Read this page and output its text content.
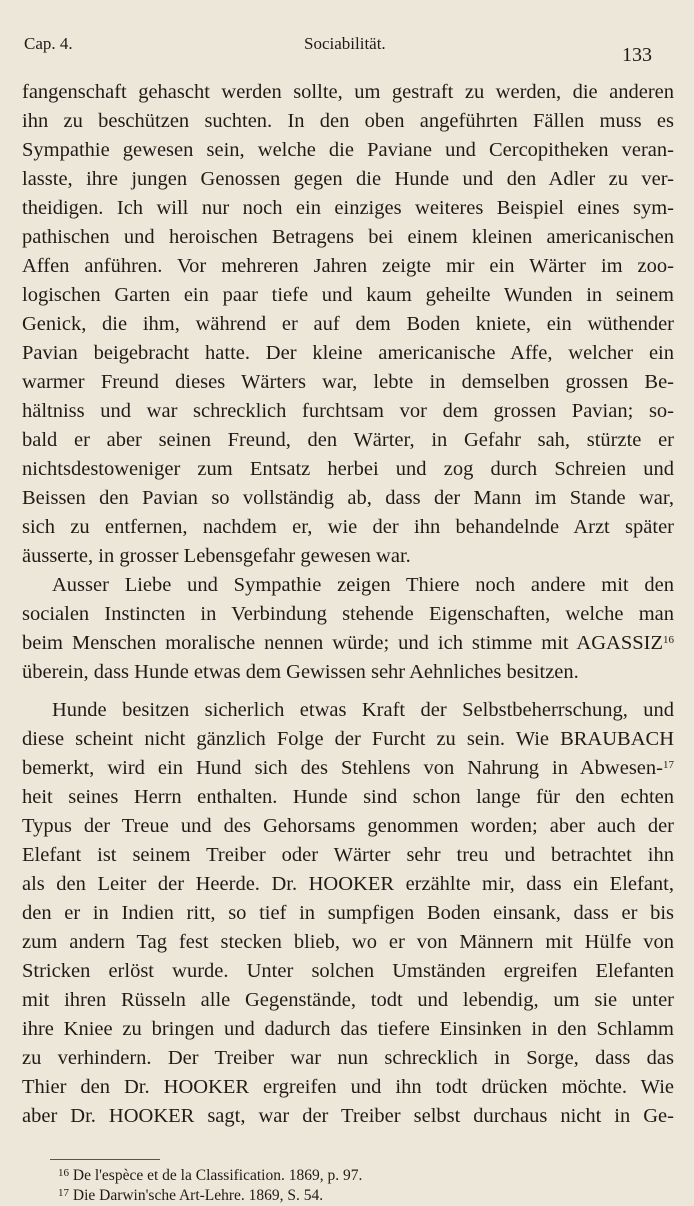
Cap. 4.	Sociabilität.
133
fangenschaft gehascht werden sollte, um gestraft zu werden, die anderen
ihn zu beschützen suchten. In den oben angeführten Fällen muss es
Sympathie gewesen sein, welche die Paviane und Cercopitheken veran-
lasste, ihre jungen Genossen gegen die Hunde und den Adler zu ver-
theidigen. Ich will nur noch ein einziges weiteres Beispiel eines sym-
pathischen und heroischen Betragens bei einem kleinen americanischen
Affen anführen. Vor mehreren Jahren zeigte mir ein Wärter im zoo-
logischen Garten ein paar tiefe und kaum geheilte Wunden in seinem
Genick, die ihm, während er auf dem Boden kniete, ein wüthender
Pavian beigebracht hatte. Der kleine americanische Affe, welcher ein
warmer Freund dieses Wärters war, lebte in demselben grossen Be-
hältniss und war schrecklich furchtsam vor dem grossen Pavian; so-
bald er aber seinen Freund, den Wärter, in Gefahr sah, stürzte er
nichtsdestoweniger zum Entsatz herbei und zog durch Schreien und
Beissen den Pavian so vollständig ab, dass der Mann im Stande war,
sich zu entfernen, nachdem er, wie der ihn behandelnde Arzt später
äusserte, in grosser Lebensgefahr gewesen war.
Ausser Liebe und Sympathie zeigen Thiere noch andere mit den
socialen Instincten in Verbindung stehende Eigenschaften, welche man
beim Menschen moralische nennen würde; und ich stimme mit AGASSIZ$^{16}$
überein, dass Hunde etwas dem Gewissen sehr Aehnliches besitzen.
Hunde besitzen sicherlich etwas Kraft der Selbstbeherrschung, und
diese scheint nicht gänzlich Folge der Furcht zu sein. Wie BRAUBACH
bemerkt, wird ein Hund sich des Stehlens von Nahrung in Abwesen-$^{17}$
heit seines Herrn enthalten. Hunde sind schon lange für den echten
Typus der Treue und des Gehorsams genommen worden; aber auch der
Elefant ist seinem Treiber oder Wärter sehr treu und betrachtet ihn
als den Leiter der Heerde. Dr. HOOKER erzählte mir, dass ein Elefant,
den er in Indien ritt, so tief in sumpfigen Boden einsank, dass er bis
zum andern Tag fest stecken blieb, wo er von Männern mit Hülfe von
Stricken erlöst wurde. Unter solchen Umständen ergreifen Elefanten
mit ihren Rüsseln alle Gegenstände, todt und lebendig, um sie unter
ihre Kniee zu bringen und dadurch das tiefere Einsinken in den Schlamm
zu verhindern. Der Treiber war nun schrecklich in Sorge, dass das
Thier den Dr. HOOKER ergreifen und ihn todt drücken möchte. Wie
aber Dr. HOOKER sagt, war der Treiber selbst durchaus nicht in Ge-
$^{16}$ De l'espèce et de la Classification. 1869, p. 97.
$^{17}$ Die Darwin'sche Art-Lehre. 1869, S. 54.
